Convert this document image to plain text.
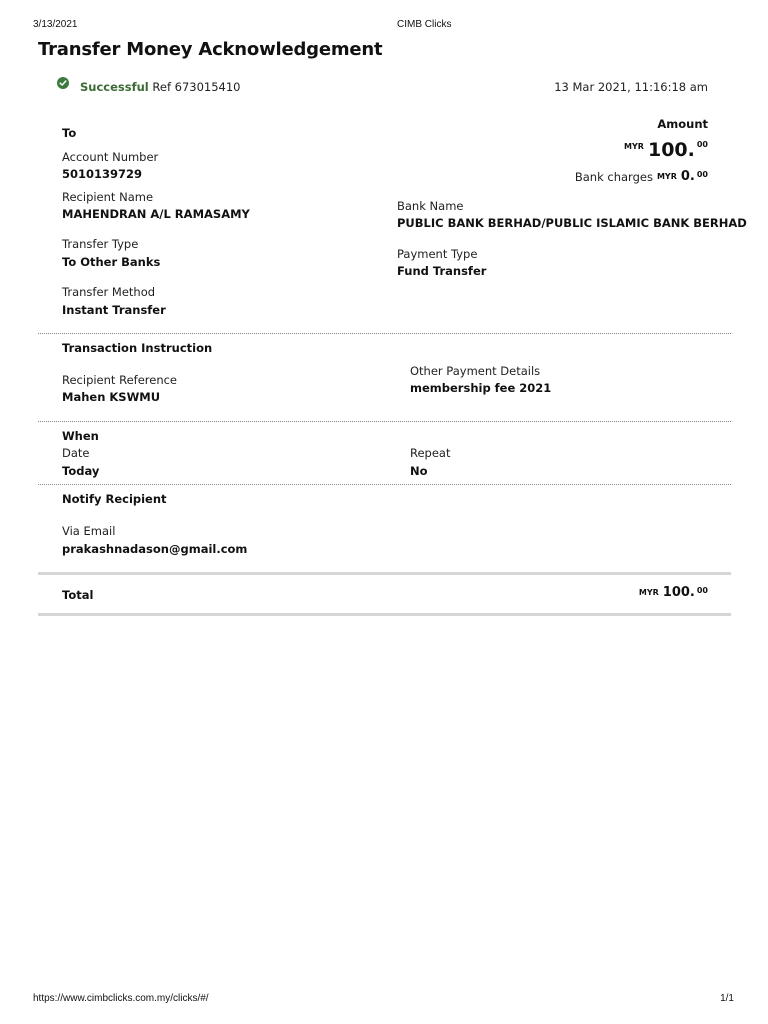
3/13/2021	CIMB Clicks
Transfer Money Acknowledgement
Successful Ref 673015410	13 Mar 2021, 11:16:18 am
To
Amount
MYR 100. 00
Bank charges MYR 0. 00
Account Number
5010139729
Recipient Name
MAHENDRAN A/L RAMASAMY
Bank Name
PUBLIC BANK BERHAD/PUBLIC ISLAMIC BANK BERHAD
Transfer Type
To Other Banks
Payment Type
Fund Transfer
Transfer Method
Instant Transfer
Transaction Instruction
Other Payment Details
membership fee 2021
Recipient Reference
Mahen KSWMU
When
Date
Today
Repeat
No
Notify Recipient
Via Email
prakashnadason@gmail.com
Total	MYR 100. 00
https://www.cimbclicks.com.my/clicks/#/	1/1
